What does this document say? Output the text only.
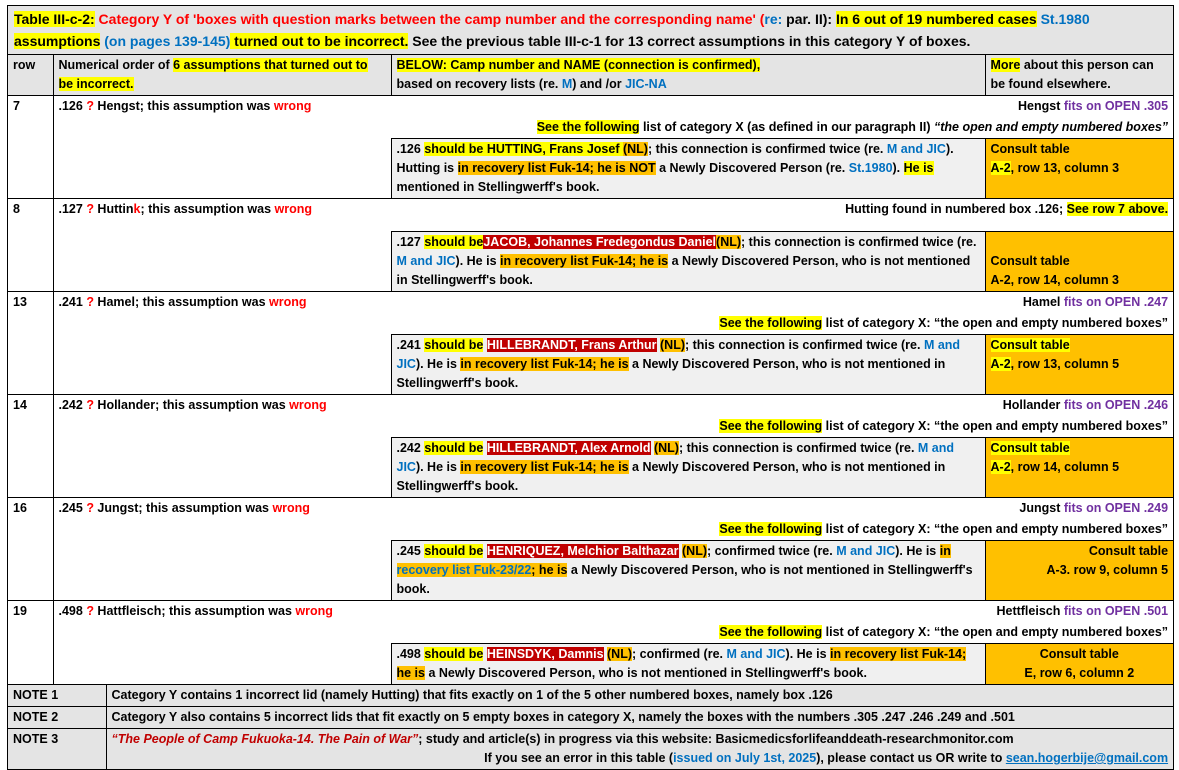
Table III-c-2: Category Y of 'boxes with question marks between the camp number and the corresponding name' (re: par. II): In 6 out of 19 numbered cases St.1980
assumptions (on pages 139-145) turned out to be incorrect. See the previous table III-c-1 for 13 correct assumptions in this category Y of boxes.				
row	Numerical order of 6 assumptions that turned out to be incorrect.		BELOW: Camp number and NAME (connection is confirmed),
based on recovery lists (re. M) and /or JIC-NA	More about this person can be found elsewhere.
7	.126 ? Hengst; this assumption was wrong			Hengst fits on OPEN .305
	See the following list of category X (as defined in our paragraph II) “the open and empty numbered boxes”			
			.126 should be HUTTING, Frans Josef (NL); this connection is confirmed twice (re. M and JIC). Hutting is in recovery list Fuk-14; he is NOT a Newly Discovered Person (re. St.1980). He is mentioned in Stellingwerff's book.	Consult table
A-2, row 13, column 3
8	.127 ? Huttink; this assumption was wrong		Hutting found in numbered box .126; See row 7 above.	
			.127 should beJACOB, Johannes Fredegondus Daniel(NL); this connection is confirmed twice (re. M and JIC). He is in recovery list Fuk-14; he is a Newly Discovered Person, who is not mentioned in Stellingwerff's book.	Consult table
A-2, row 14, column 3
13	.241 ? Hamel; this assumption was wrong			Hamel fits on OPEN .247
	See the following list of category X: “the open and empty numbered boxes”			
			.241 should be HILLEBRANDT, Frans Arthur (NL); this connection is confirmed twice (re. M and JIC). He is in recovery list Fuk-14; he is a Newly Discovered Person, who is not mentioned in Stellingwerff's book.	Consult table
A-2, row 13, column 5
14	.242 ? Hollander; this assumption was wrong			Hollander fits on OPEN .246
	See the following list of category X: “the open and empty numbered boxes”			
			.242 should be HILLEBRANDT, Alex Arnold (NL); this connection is confirmed twice (re. M and JIC). He is in recovery list Fuk-14; he is a Newly Discovered Person, who is not mentioned in Stellingwerff's book.	Consult table
A-2, row 14, column 5
16	.245 ? Jungst; this assumption was wrong			Jungst fits on OPEN .249
	See the following list of category X: “the open and empty numbered boxes”			
			.245 should be HENRIQUEZ, Melchior Balthazar (NL); confirmed twice (re. M and JIC). He is in recovery list Fuk-23/22; he is a Newly Discovered Person, who is not mentioned in Stellingwerff's book.	Consult table
A-3. row 9, column 5
19	.498 ? Hattfleisch; this assumption was wrong			Hettfleisch fits on OPEN .501
	See the following list of category X: “the open and empty numbered boxes”			
			.498 should be HEINSDYK, Damnis (NL); confirmed (re. M and JIC). He is in recovery list Fuk-14; he is a Newly Discovered Person, who is not mentioned in Stellingwerff's book.	Consult table
E, row 6, column 2
NOTE 1		Category Y contains 1 incorrect lid (namely Hutting) that fits exactly on 1 of the 5 other numbered boxes, namely box .126		
NOTE 2		Category Y also contains 5 incorrect lids that fit exactly on 5 empty boxes in category X, namely the boxes with the numbers .305 .247 .246 .249 and .501		
NOTE 3		“The People of Camp Fukuoka-14. The Pain of War”; study and article(s) in progress via this website: Basicmedicsforlifeanddeath-researchmonitor.com
If you see an error in this table (issued on July 1st, 2025), please contact us OR write to sean.hogerbije@gmail.com		
